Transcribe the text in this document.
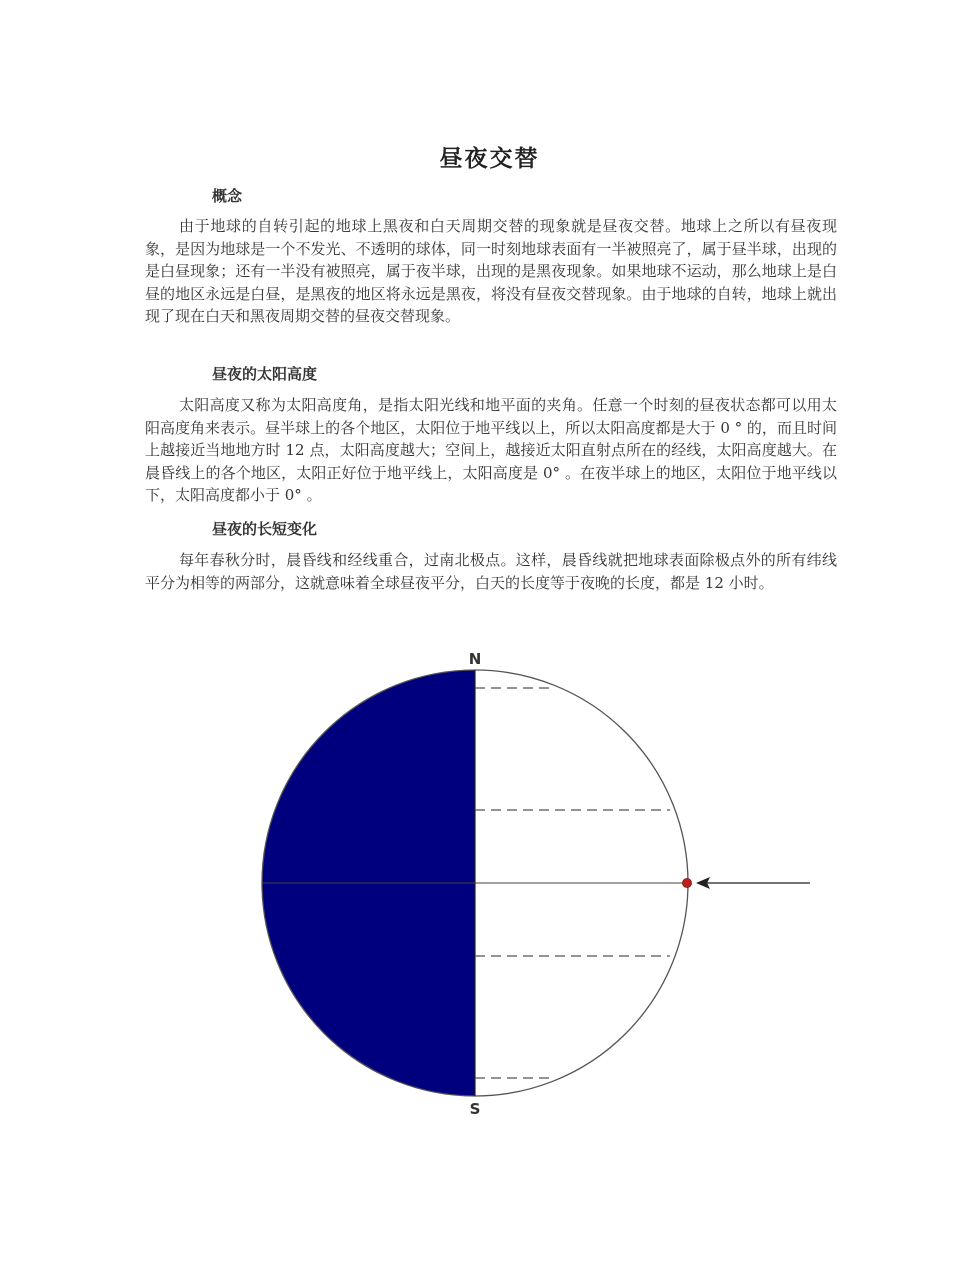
昼夜交替
概念
由于地球的自转引起的地球上黑夜和白天周期交替的现象就是昼夜交替。地球上之所以有昼夜现象，是因为地球是一个不发光、不透明的球体，同一时刻地球表面有一半被照亮了，属于昼半球，出现的是白昼现象；还有一半没有被照亮，属于夜半球，出现的是黑夜现象。如果地球不运动，那么地球上是白昼的地区永远是白昼，是黑夜的地区将永远是黑夜，将没有昼夜交替现象。由于地球的自转，地球上就出现了现在白天和黑夜周期交替的昼夜交替现象。
昼夜的太阳高度
太阳高度又称为太阳高度角，是指太阳光线和地平面的夹角。任意一个时刻的昼夜状态都可以用太阳高度角来表示。昼半球上的各个地区，太阳位于地平线以上，所以太阳高度都是大于 0 ° 的，而且时间上越接近当地地方时 12 点，太阳高度越大；空间上，越接近太阳直射点所在的经线，太阳高度越大。在晨昏线上的各个地区，太阳正好位于地平线上，太阳高度是 0° 。在夜半球上的地区，太阳位于地平线以下，太阳高度都小于 0° 。
昼夜的长短变化
每年春秋分时，晨昏线和经线重合，过南北极点。这样，晨昏线就把地球表面除极点外的所有纬线平分为相等的两部分，这就意味着全球昼夜平分，白天的长度等于夜晚的长度，都是 12 小时。
N
S
